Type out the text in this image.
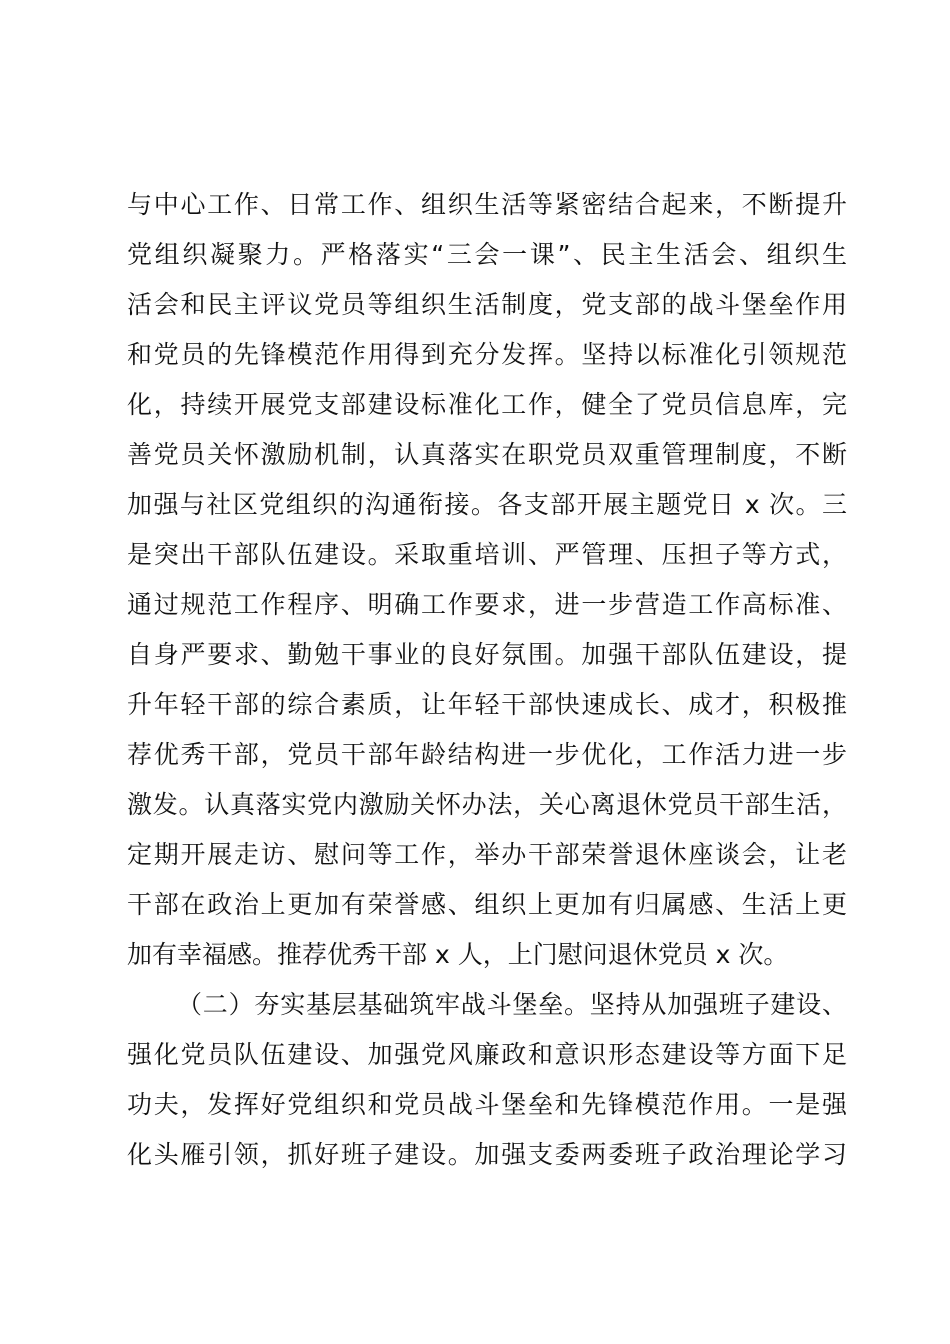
与中心工作、日常工作、组织生活等紧密结合起来，不断提升
党组织凝聚力。严格落实“三会一课”、民主生活会、组织生
活会和民主评议党员等组织生活制度，党支部的战斗堡垒作用
和党员的先锋模范作用得到充分发挥。坚持以标准化引领规范
化，持续开展党支部建设标准化工作，健全了党员信息库，完
善党员关怀激励机制，认真落实在职党员双重管理制度，不断
加强与社区党组织的沟通衔接。各支部开展主题党日 x 次。三
是突出干部队伍建设。采取重培训、严管理、压担子等方式，
通过规范工作程序、明确工作要求，进一步营造工作高标准、
自身严要求、勤勉干事业的良好氛围。加强干部队伍建设，提
升年轻干部的综合素质，让年轻干部快速成长、成才，积极推
荐优秀干部，党员干部年龄结构进一步优化，工作活力进一步
激发。认真落实党内激励关怀办法，关心离退休党员干部生活，
定期开展走访、慰问等工作，举办干部荣誉退休座谈会，让老
干部在政治上更加有荣誉感、组织上更加有归属感、生活上更
加有幸福感。推荐优秀干部 x 人，上门慰问退休党员 x 次。
（二）夯实基层基础筑牢战斗堡垒。坚持从加强班子建设、
强化党员队伍建设、加强党风廉政和意识形态建设等方面下足
功夫，发挥好党组织和党员战斗堡垒和先锋模范作用。一是强
化头雁引领，抓好班子建设。加强支委两委班子政治理论学习
